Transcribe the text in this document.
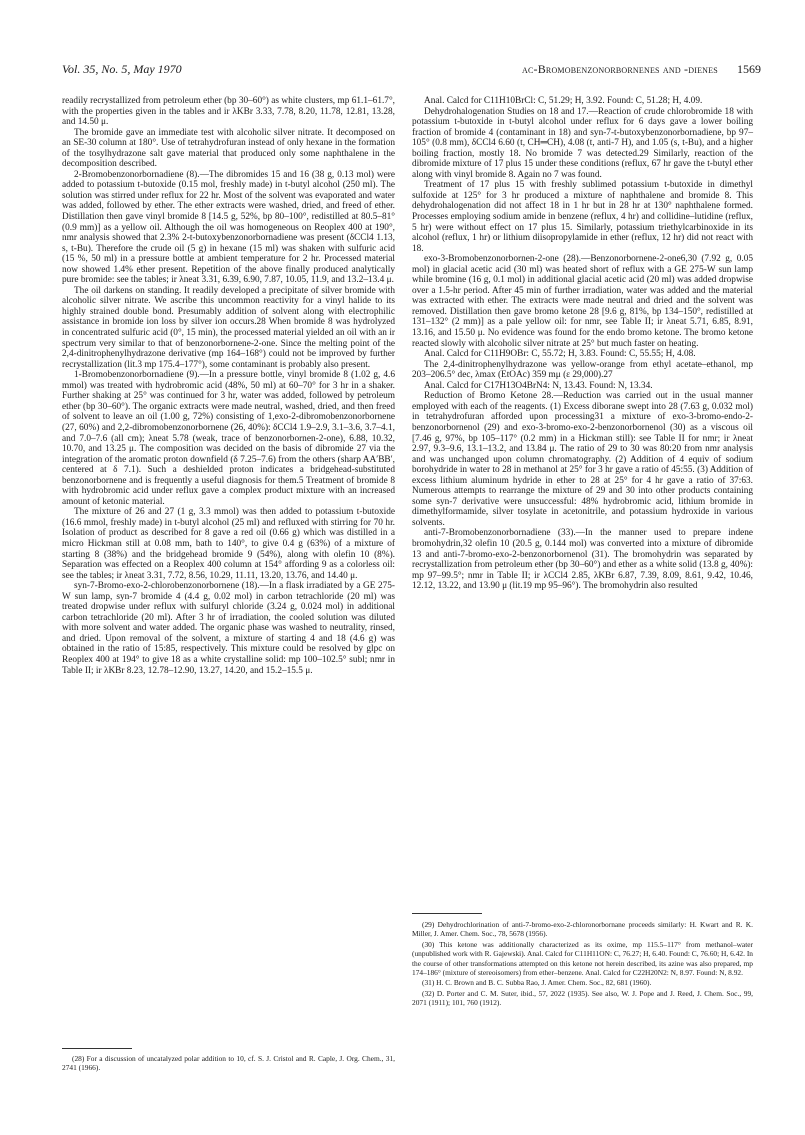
Vol. 35, No. 5, May 1970	ac-Bromobenzonorbornenes and -dienes 1569

readily recrystallized from petroleum ether (bp 30–60°) as white clusters, mp 61.1–61.7°, with the properties given in the tables and ir λKBr 3.33, 7.78, 8.20, 11.78, 12.81, 13.28, and 14.50 μ.

The bromide gave an immediate test with alcoholic silver nitrate. It decomposed on an SE-30 column at 180°. Use of tetrahydrofuran instead of only hexane in the formation of the tosylhydrazone salt gave material that produced only some naphthalene in the decomposition described.

2-Bromobenzonorbornadiene (8).—The dibromides 15 and 16 (38 g, 0.13 mol) were added to potassium t-butoxide (0.15 mol, freshly made) in t-butyl alcohol (250 ml). The solution was stirred under reflux for 22 hr. Most of the solvent was evaporated and water was added, followed by ether. The ether extracts were washed, dried, and freed of ether. Distillation then gave vinyl bromide 8 [14.5 g, 52%, bp 80–100°, redistilled at 80.5–81° (0.9 mm)] as a yellow oil. Although the oil was homogeneous on Reoplex 400 at 190°, nmr analysis showed that 2.3% 2-t-butoxybenzonorbornadiene was present (δCCl4 1.13, s, t-Bu). Therefore the crude oil (5 g) in hexane (15 ml) was shaken with sulfuric acid (15 %, 50 ml) in a pressure bottle at ambient temperature for 2 hr. Processed material now showed 1.4% ether present. Repetition of the above finally produced analytically pure bromide: see the tables; ir λneat 3.31, 6.39, 6.90, 7.87, 10.05, 11.9, and 13.2–13.4 μ.

The oil darkens on standing. It readily developed a precipitate of silver bromide with alcoholic silver nitrate. We ascribe this uncommon reactivity for a vinyl halide to its highly strained double bond. Presumably addition of solvent along with electrophilic assistance in bromide ion loss by silver ion occurs.28 When bromide 8 was hydrolyzed in concentrated sulfuric acid (0°, 15 min), the processed material yielded an oil with an ir spectrum very similar to that of benzonorbornene-2-one. Since the melting point of the 2,4-dinitrophenylhydrazone derivative (mp 164–168°) could not be improved by further recrystallization (lit.3 mp 175.4–177°), some contaminant is probably also present.

1-Bromobenzonorbornadiene (9).—In a pressure bottle, vinyl bromide 8 (1.02 g, 4.6 mmol) was treated with hydrobromic acid (48%, 50 ml) at 60–70° for 3 hr in a shaker. Further shaking at 25° was continued for 3 hr, water was added, followed by petroleum ether (bp 30–60°). The organic extracts were made neutral, washed, dried, and then freed of solvent to leave an oil (1.00 g, 72%) consisting of 1,exo-2-dibromobenzonorbornene (27, 60%) and 2,2-dibromobenzonorbornene (26, 40%): δCCl4 1.9–2.9, 3.1–3.6, 3.7–4.1, and 7.0–7.6 (all cm); λneat 5.78 (weak, trace of benzonorbornen-2-one), 6.88, 10.32, 10.70, and 13.25 μ. The composition was decided on the basis of dibromide 27 via the integration of the aromatic proton downfield (δ 7.25–7.6) from the others (sharp AA′BB′, centered at δ 7.1). Such a deshielded proton indicates a bridgehead-substituted benzonorbornene and is frequently a useful diagnosis for them.5 Treatment of bromide 8 with hydrobromic acid under reflux gave a complex product mixture with an increased amount of ketonic material.

The mixture of 26 and 27 (1 g, 3.3 mmol) was then added to potassium t-butoxide (16.6 mmol, freshly made) in t-butyl alcohol (25 ml) and refluxed with stirring for 70 hr. Isolation of product as described for 8 gave a red oil (0.66 g) which was distilled in a micro Hickman still at 0.08 mm, bath to 140°, to give 0.4 g (63%) of a mixture of starting 8 (38%) and the bridgehead bromide 9 (54%), along with olefin 10 (8%). Separation was effected on a Reoplex 400 column at 154° affording 9 as a colorless oil: see the tables; ir λneat 3.31, 7.72, 8.56, 10.29, 11.11, 13.20, 13.76, and 14.40 μ.

syn-7-Bromo-exo-2-chlorobenzonorbornene (18).—In a flask irradiated by a GE 275-W sun lamp, syn-7 bromide 4 (4.4 g, 0.02 mol) in carbon tetrachloride (20 ml) was treated dropwise under reflux with sulfuryl chloride (3.24 g, 0.024 mol) in additional carbon tetrachloride (20 ml). After 3 hr of irradiation, the cooled solution was diluted with more solvent and water added. The organic phase was washed to neutrality, rinsed, and dried. Upon removal of the solvent, a mixture of starting 4 and 18 (4.6 g) was obtained in the ratio of 15:85, respectively. This mixture could be resolved by glpc on Reoplex 400 at 194° to give 18 as a white crystalline solid: mp 100–102.5° subl; nmr in Table II; ir λKBr 8.23, 12.78–12.90, 13.27, 14.20, and 15.2–15.5 μ.

Anal. Calcd for C11H10BrCl: C, 51.29; H, 3.92. Found: C, 51.28; H, 4.09.

Dehydrohalogenation Studies on 18 and 17.—Reaction of crude chlorobromide 18 with potassium t-butoxide in t-butyl alcohol under reflux for 6 days gave a lower boiling fraction of bromide 4 (contaminant in 18) and syn-7-t-butoxybenzonorbornadiene, bp 97–105° (0.8 mm), δCCl4 6.60 (t, CH═CH), 4.08 (t, anti-7 H), and 1.05 (s, t-Bu), and a higher boiling fraction, mostly 18. No bromide 7 was detected.29 Similarly, reaction of the dibromide mixture of 17 plus 15 under these conditions (reflux, 67 hr gave the t-butyl ether along with vinyl bromide 8. Again no 7 was found.

Treatment of 17 plus 15 with freshly sublimed potassium t-butoxide in dimethyl sulfoxide at 125° for 3 hr produced a mixture of naphthalene and bromide 8. This dehydrohalogenation did not affect 18 in 1 hr but in 28 hr at 130° naphthalene formed. Processes employing sodium amide in benzene (reflux, 4 hr) and collidine–lutidine (reflux, 5 hr) were without effect on 17 plus 15. Similarly, potassium triethylcarbinoxide in its alcohol (reflux, 1 hr) or lithium diisopropylamide in ether (reflux, 12 hr) did not react with 18.

exo-3-Bromobenzonorbornen-2-one (28).—Benzonorbornene-2-one6,30 (7.92 g, 0.05 mol) in glacial acetic acid (30 ml) was heated short of reflux with a GE 275-W sun lamp while bromine (16 g, 0.1 mol) in additional glacial acetic acid (20 ml) was added dropwise over a 1.5-hr period. After 45 min of further irradiation, water was added and the material was extracted with ether. The extracts were made neutral and dried and the solvent was removed. Distillation then gave bromo ketone 28 [9.6 g, 81%, bp 134–150°, redistilled at 131–132° (2 mm)] as a pale yellow oil: for nmr, see Table II; ir λneat 5.71, 6.85, 8.91, 13.16, and 15.50 μ. No evidence was found for the endo bromo ketone. The bromo ketone reacted slowly with alcoholic silver nitrate at 25° but much faster on heating.

Anal. Calcd for C11H9OBr: C, 55.72; H, 3.83. Found: C, 55.55; H, 4.08.

The 2,4-dinitrophenylhydrazone was yellow-orange from ethyl acetate–ethanol, mp 203–206.5° dec, λmax (EtOAc) 359 mμ (ε 29,000).27

Anal. Calcd for C17H13O4BrN4: N, 13.43. Found: N, 13.34.

Reduction of Bromo Ketone 28.—Reduction was carried out in the usual manner employed with each of the reagents. (1) Excess diborane swept into 28 (7.63 g, 0.032 mol) in tetrahydrofuran afforded upon processing31 a mixture of exo-3-bromo-endo-2-benzonorbornenol (29) and exo-3-bromo-exo-2-benzonorbornenol (30) as a viscous oil [7.46 g, 97%, bp 105–117° (0.2 mm) in a Hickman still): see Table II for nmr; ir λneat 2.97, 9.3–9.6, 13.1–13.2, and 13.84 μ. The ratio of 29 to 30 was 80:20 from nmr analysis and was unchanged upon column chromatography. (2) Addition of 4 equiv of sodium borohydride in water to 28 in methanol at 25° for 3 hr gave a ratio of 45:55. (3) Addition of excess lithium aluminum hydride in ether to 28 at 25° for 4 hr gave a ratio of 37:63. Numerous attempts to rearrange the mixture of 29 and 30 into other products containing some syn-7 derivative were unsuccessful: 48% hydrobromic acid, lithium bromide in dimethylformamide, silver tosylate in acetonitrile, and potassium hydroxide in various solvents.

anti-7-Bromobenzonorbornadiene (33).—In the manner used to prepare indene bromohydrin,32 olefin 10 (20.5 g, 0.144 mol) was converted into a mixture of dibromide 13 and anti-7-bromo-exo-2-benzonorbornenol (31). The bromohydrin was separated by recrystallization from petroleum ether (bp 30–60°) and ether as a white solid (13.8 g, 40%): mp 97–99.5°; nmr in Table II; ir λCCl4 2.85, λKBr 6.87, 7.39, 8.09, 8.61, 9.42, 10.46, 12.12, 13.22, and 13.90 μ (lit.19 mp 95–96°). The bromohydrin also resulted

(28) For a discussion of uncatalyzed polar addition to 10, cf. S. J. Cristol and R. Caple, J. Org. Chem., 31, 2741 (1966).

(29) Dehydrochlorination of anti-7-bromo-exo-2-chloronorbornane proceeds similarly: H. Kwart and R. K. Miller, J. Amer. Chem. Soc., 78, 5678 (1956).

(30) This ketone was additionally characterized as its oxime, mp 115.5–117° from methanol–water (unpublished work with R. Gajewski). Anal. Calcd for C11H11ON: C, 76.27; H, 6.40. Found: C, 76.60; H, 6.42. In the course of other transformations attempted on this ketone not herein described, its azine was also prepared, mp 174–186° (mixture of stereoisomers) from ether–benzene. Anal. Calcd for C22H20N2: N, 8.97. Found: N, 8.92.

(31) H. C. Brown and B. C. Subba Rao, J. Amer. Chem. Soc., 82, 681 (1960).

(32) D. Porter and C. M. Suter, ibid., 57, 2022 (1935). See also, W. J. Pope and J. Reed, J. Chem. Soc., 99, 2071 (1911); 101, 760 (1912).
